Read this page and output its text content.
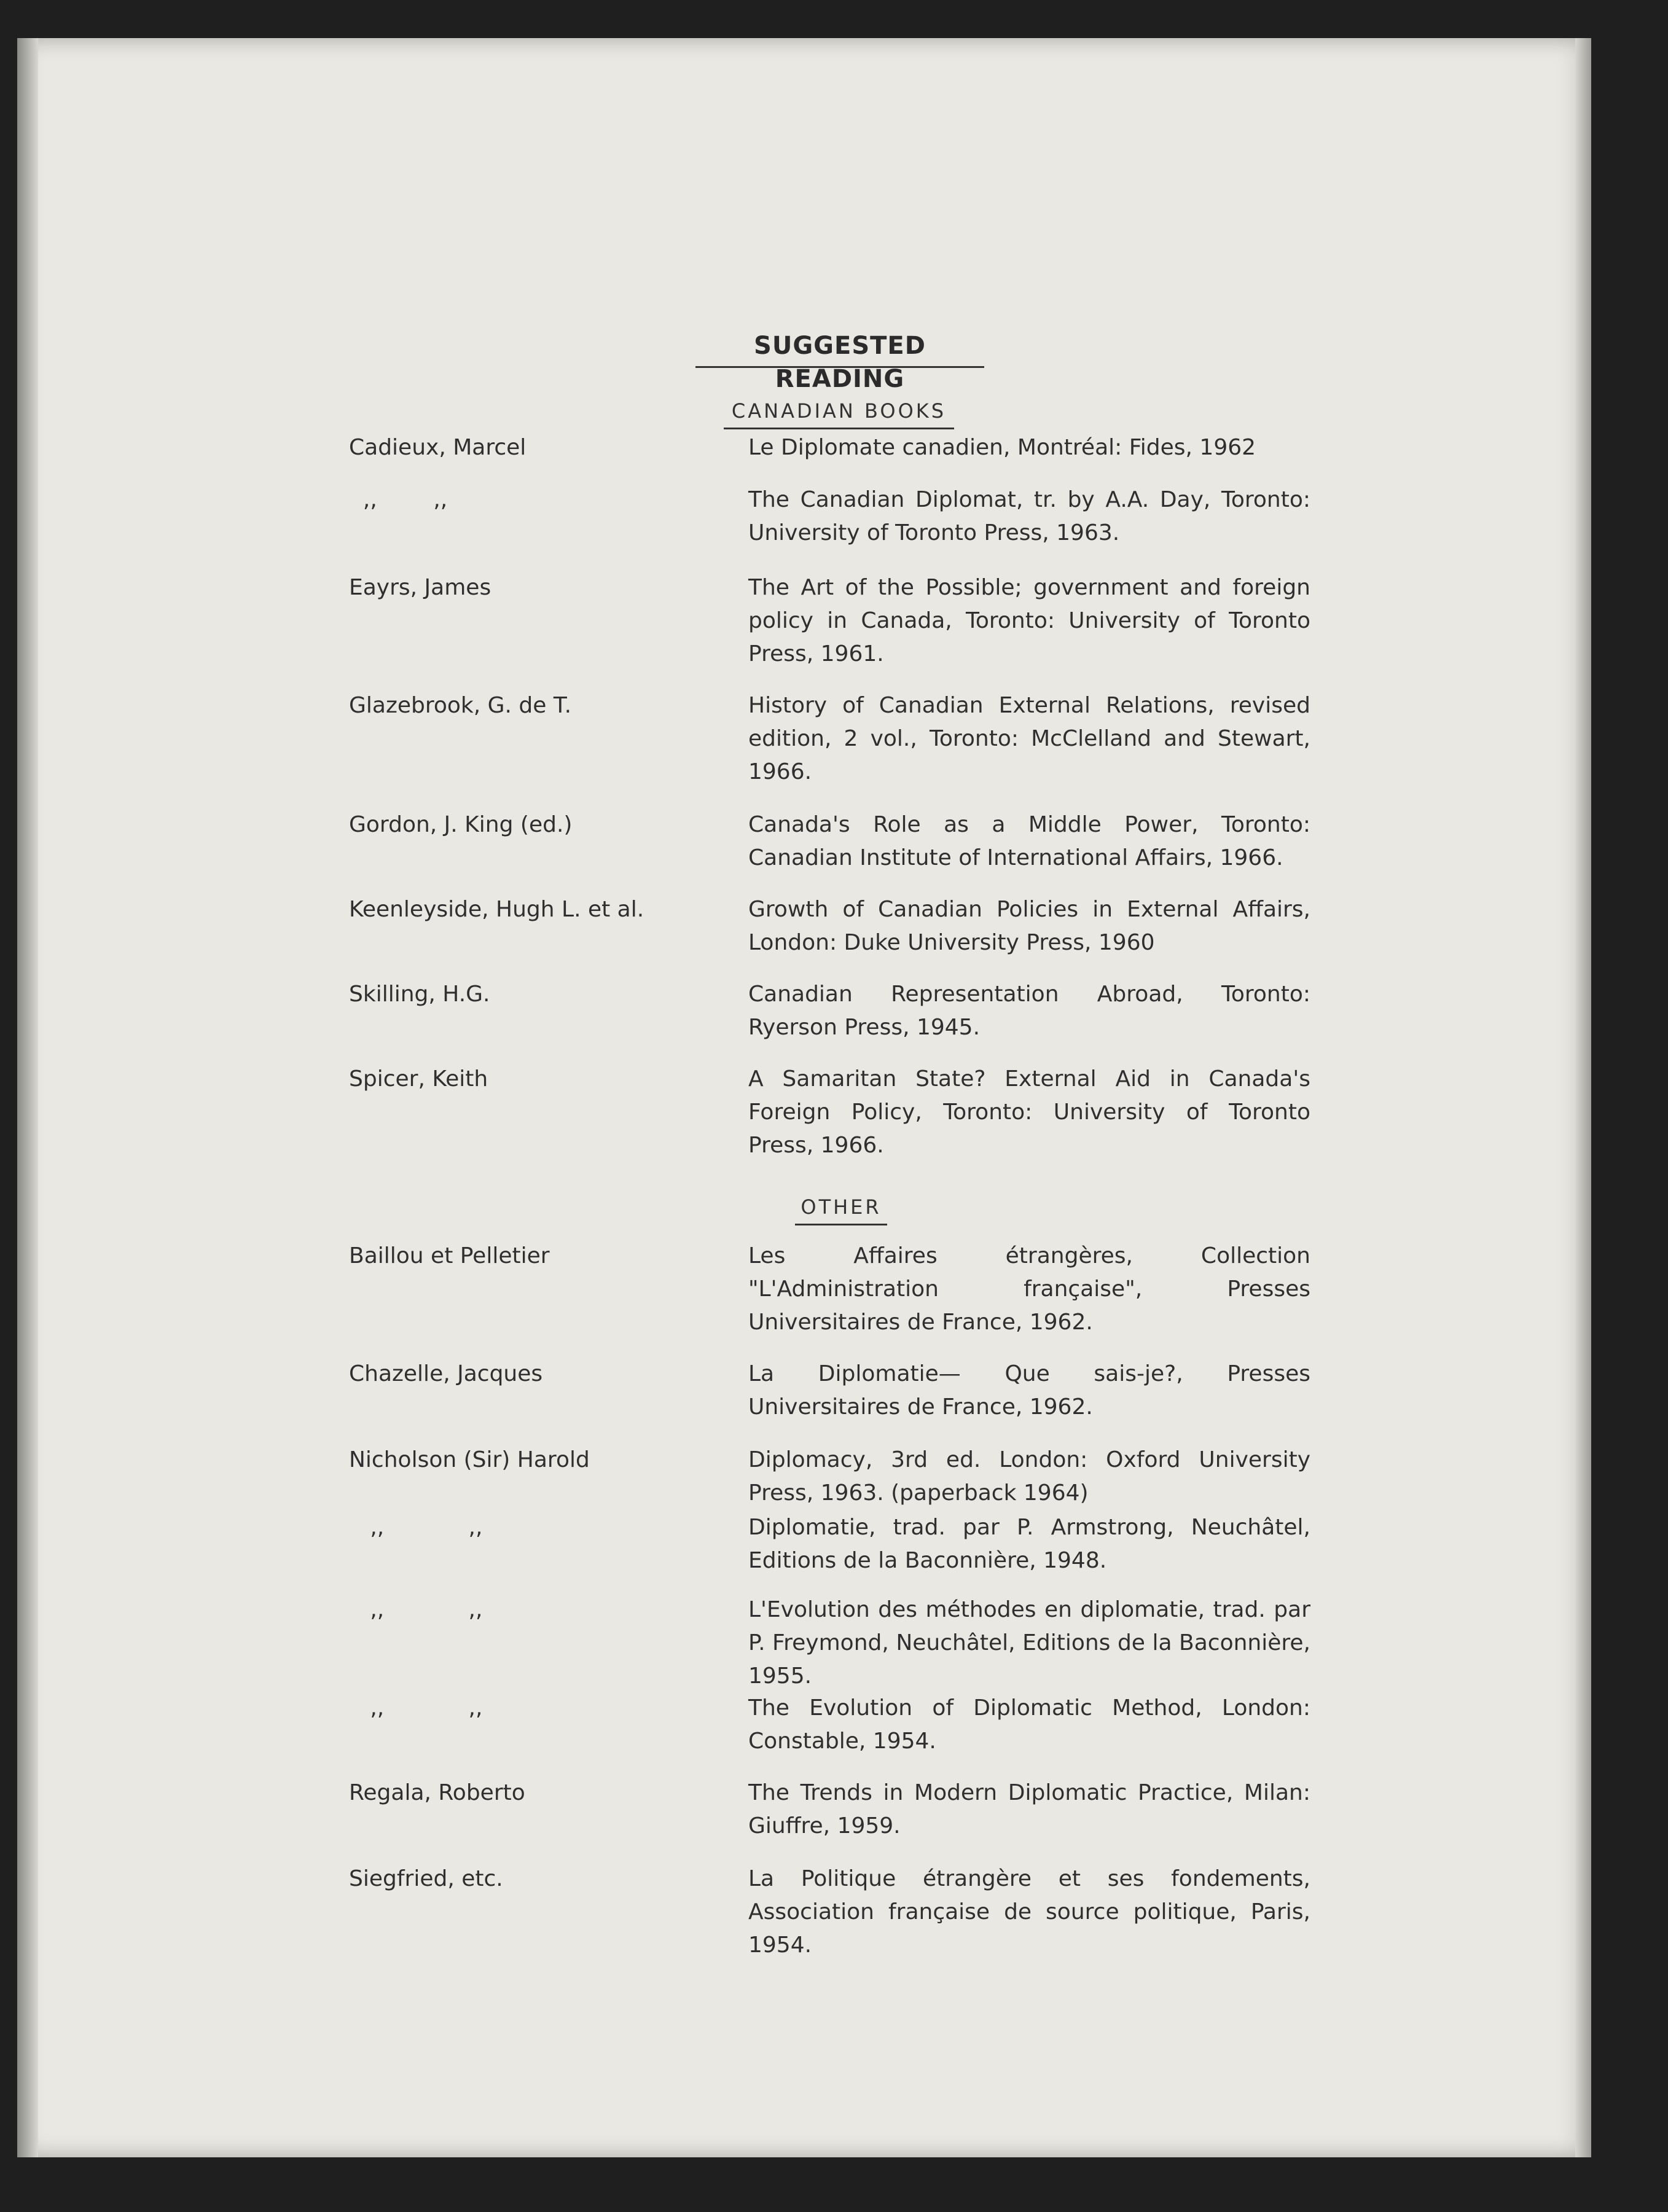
SUGGESTED READING
CANADIAN BOOKS
OTHER
Cadieux, Marcel	Le Diplomate canadien, Montréal: Fides, 1962
,,        ,,	The Canadian Diplomat, tr. by A.A. Day, Toronto: University of Toronto Press, 1963.
Eayrs, James	The Art of the Possible; government and foreign policy in Canada, Toronto: University of Toronto Press, 1961.
Glazebrook, G. de T.	History of Canadian External Relations, revised edition, 2 vol., Toronto: McClelland and Stewart, 1966.
Gordon, J. King (ed.)	Canada's Role as a Middle Power, Toronto: Canadian Institute of International Affairs, 1966.
Keenleyside, Hugh L. et al.	Growth of Canadian Policies in External Affairs, London: Duke University Press, 1960
Skilling, H.G.	Canadian Representation Abroad, Toronto: Ryerson Press, 1945.
Spicer, Keith	A Samaritan State? External Aid in Canada's Foreign Policy, Toronto: University of Toronto Press, 1966.
Baillou et Pelletier	Les Affaires étrangères, Collection "L'Administration française", Presses Universitaires de France, 1962.
Chazelle, Jacques	La Diplomatie— Que sais-je?, Presses Universitaires de France, 1962.
Nicholson (Sir) Harold	Diplomacy, 3rd ed. London: Oxford University Press, 1963. (paperback 1964)
,,            ,,	Diplomatie, trad. par P. Armstrong, Neuchâtel, Editions de la Baconnière, 1948.
,,            ,,	L'Evolution des méthodes en diplomatie, trad. par P. Freymond, Neuchâtel, Editions de la Baconnière, 1955.
,,            ,,	The Evolution of Diplomatic Method, London: Constable, 1954.
Regala, Roberto	The Trends in Modern Diplomatic Practice, Milan: Giuffre, 1959.
Siegfried, etc.	La Politique étrangère et ses fondements, Association française de source politique, Paris, 1954.
